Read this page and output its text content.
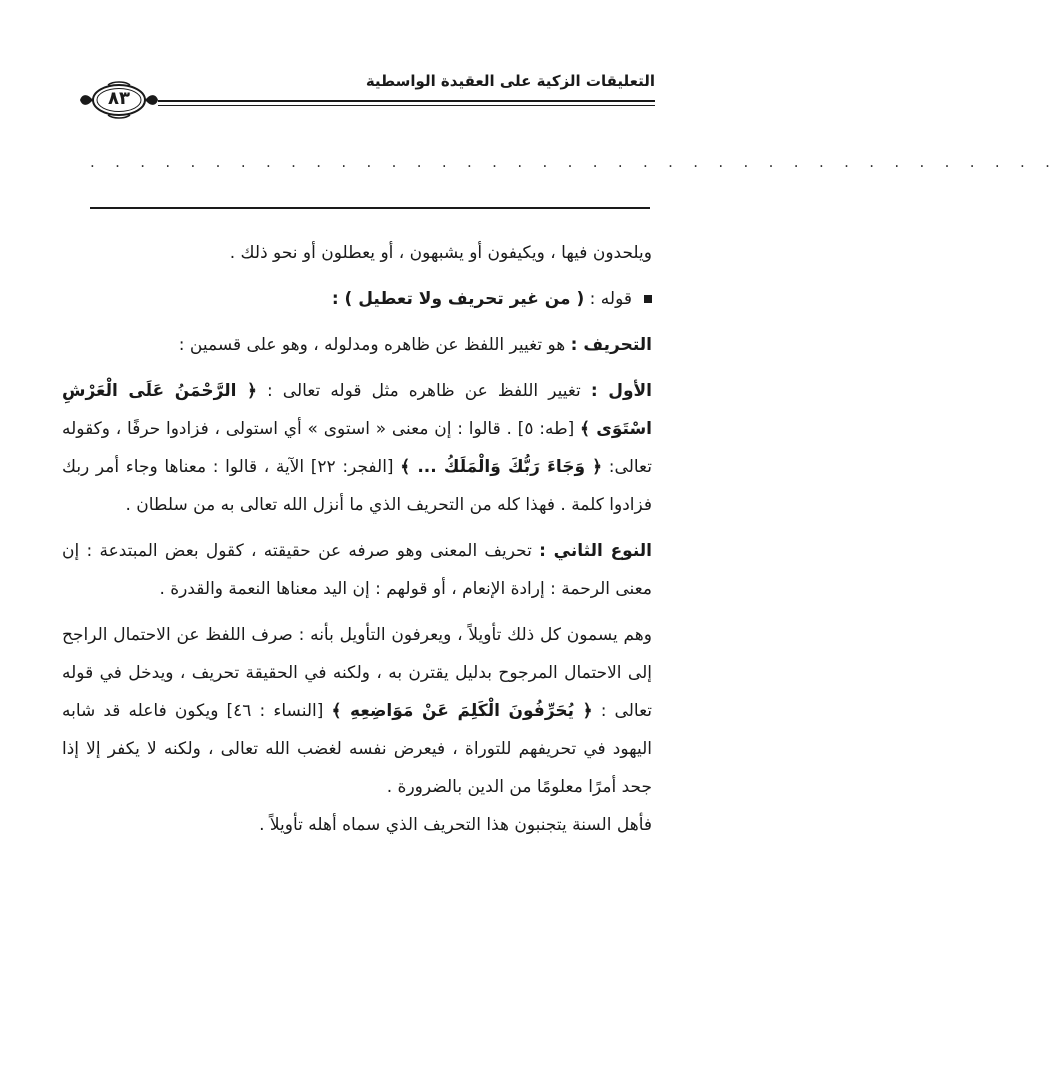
التعليقات الزكية على العقيدة الواسطية
٨٣
. . . . . . . . . . . . . . . . . . . . . . . . . . . . . . . . . . . . . . .

ويلحدون فيها ، ويكيفون أو يشبهون ، أو يعطلون أو نحو ذلك .

قوله : ( من غير تحريف ولا تعطيل ) :

التحريف : هو تغيير اللفظ عن ظاهره ومدلوله ، وهو على قسمين :

الأول : تغيير اللفظ عن ظاهره مثل قوله تعالى : ﴿ الرَّحْمَنُ عَلَى الْعَرْشِ اسْتَوَى ﴾ [طه: ٥] . قالوا : إن معنى « استوى » أي استولى ، فزادوا حرفًا ، وكقوله تعالى: ﴿ وَجَاءَ رَبُّكَ وَالْمَلَكُ ... ﴾ [الفجر: ٢٢] الآية ، قالوا : معناها وجاء أمر ربك فزادوا كلمة . فهذا كله من التحريف الذي ما أنزل الله تعالى به من سلطان .

النوع الثاني : تحريف المعنى وهو صرفه عن حقيقته ، كقول بعض المبتدعة : إن معنى الرحمة : إرادة الإنعام ، أو قولهم : إن اليد معناها النعمة والقدرة .

وهم يسمون كل ذلك تأويلاً ، ويعرفون التأويل بأنه : صرف اللفظ عن الاحتمال الراجح إلى الاحتمال المرجوح بدليل يقترن به ، ولكنه في الحقيقة تحريف ، ويدخل في قوله تعالى : ﴿ يُحَرِّفُونَ الْكَلِمَ عَنْ مَوَاضِعِهِ ﴾ [النساء : ٤٦] ويكون فاعله قد شابه اليهود في تحريفهم للتوراة ، فيعرض نفسه لغضب الله تعالى ، ولكنه لا يكفر إلا إذا جحد أمرًا معلومًا من الدين بالضرورة .

فأهل السنة يتجنبون هذا التحريف الذي سماه أهله تأويلاً .
